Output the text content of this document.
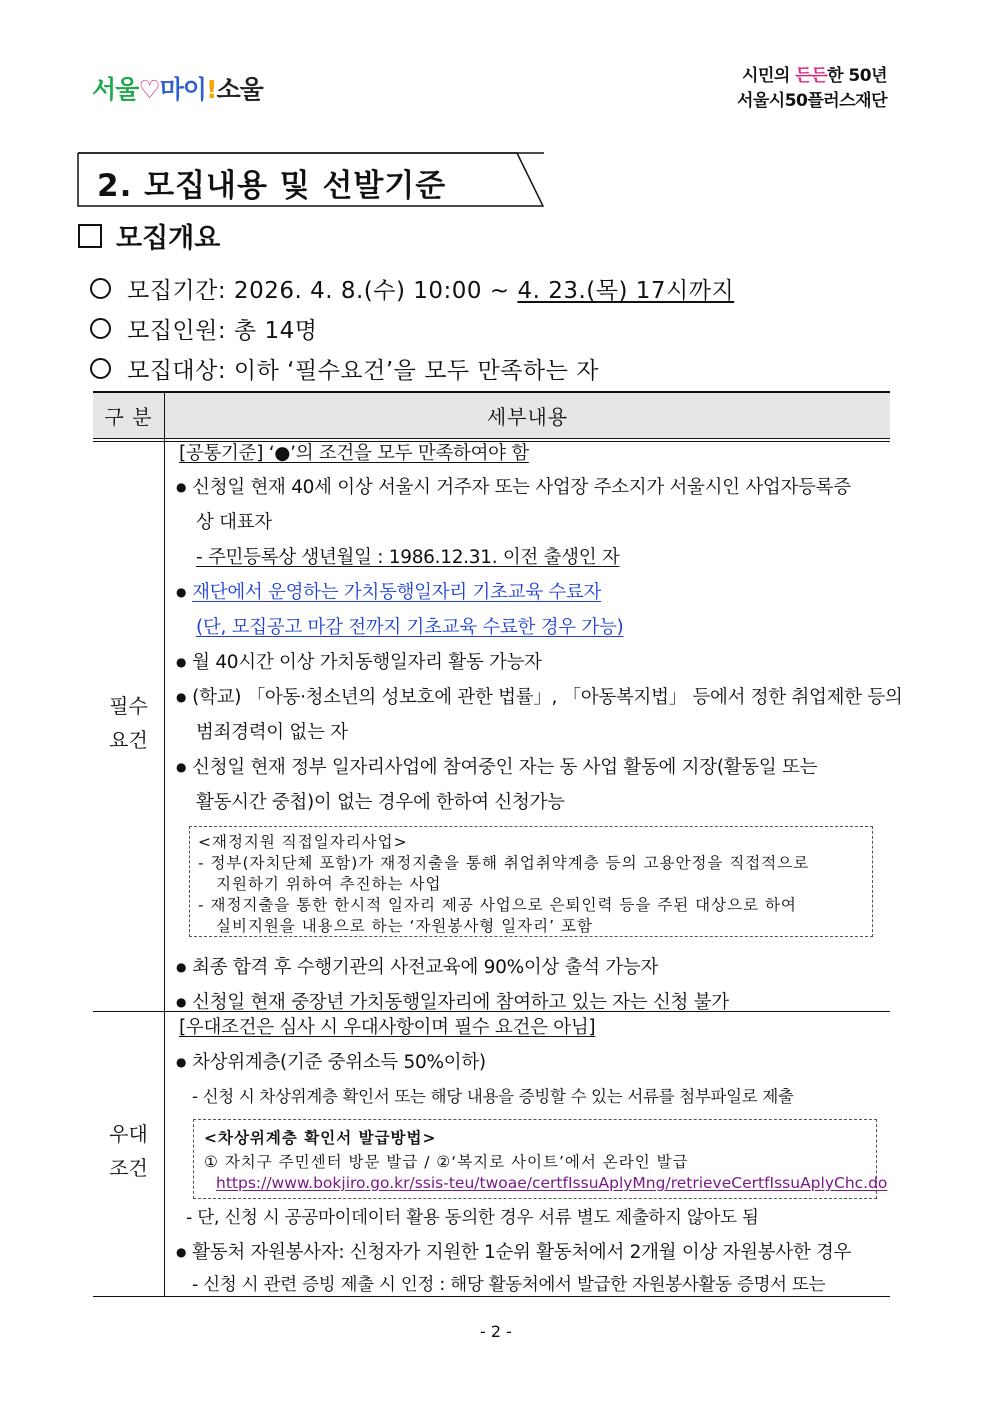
서울♡마이!소울	시민의 든든한 50년
서울시50플러스재단
2. 모집내용 및 선발기준
모집개요
모집기간: 2026. 4. 8.(수) 10:00 ~ 4. 23.(목) 17시까지
모집인원: 총 14명
모집대상: 이하 ‘필수요건’을 모두 만족하는 자
구 분	세부내용
필수
요건
[공통기준] ‘●’의 조건을 모두 만족하여야 함
● 신청일 현재 40세 이상 서울시 거주자 또는 사업장 주소지가 서울시인 사업자등록증
상 대표자
- 주민등록상 생년월일 : 1986.12.31. 이전 출생인 자
● 재단에서 운영하는 가치동행일자리 기초교육 수료자
(단, 모집공고 마감 전까지 기초교육 수료한 경우 가능)
● 월 40시간 이상 가치동행일자리 활동 가능자
● (학교) 「아동·청소년의 성보호에 관한 법률」, 「아동복지법」 등에서 정한 취업제한 등의
범죄경력이 없는 자
● 신청일 현재 정부 일자리사업에 참여중인 자는 동 사업 활동에 지장(활동일 또는
활동시간 중첩)이 없는 경우에 한하여 신청가능
<재정지원 직접일자리사업>
- 정부(자치단체 포함)가 재정지출을 통해 취업취약계층 등의 고용안정을 직접적으로
지원하기 위하여 추진하는 사업
- 재정지출을 통한 한시적 일자리 제공 사업으로 은퇴인력 등을 주된 대상으로 하여
실비지원을 내용으로 하는 ‘자원봉사형 일자리’ 포함
● 최종 합격 후 수행기관의 사전교육에 90%이상 출석 가능자
● 신청일 현재 중장년 가치동행일자리에 참여하고 있는 자는 신청 불가
우대
조건
[우대조건은 심사 시 우대사항이며 필수 요건은 아님]
● 차상위계층(기준 중위소득 50%이하)
- 신청 시 차상위계층 확인서 또는 해당 내용을 증빙할 수 있는 서류를 첨부파일로 제출
<차상위계층 확인서 발급방법>
① 자치구 주민센터 방문 발급 / ②‘복지로 사이트’에서 온라인 발급
https://www.bokjiro.go.kr/ssis-teu/twoae/certfIssuAplyMng/retrieveCertfIssuAplyChc.do
- 단, 신청 시 공공마이데이터 활용 동의한 경우 서류 별도 제출하지 않아도 됨
● 활동처 자원봉사자: 신청자가 지원한 1순위 활동처에서 2개월 이상 자원봉사한 경우
- 신청 시 관련 증빙 제출 시 인정 : 해당 활동처에서 발급한 자원봉사활동 증명서 또는
- 2 -
